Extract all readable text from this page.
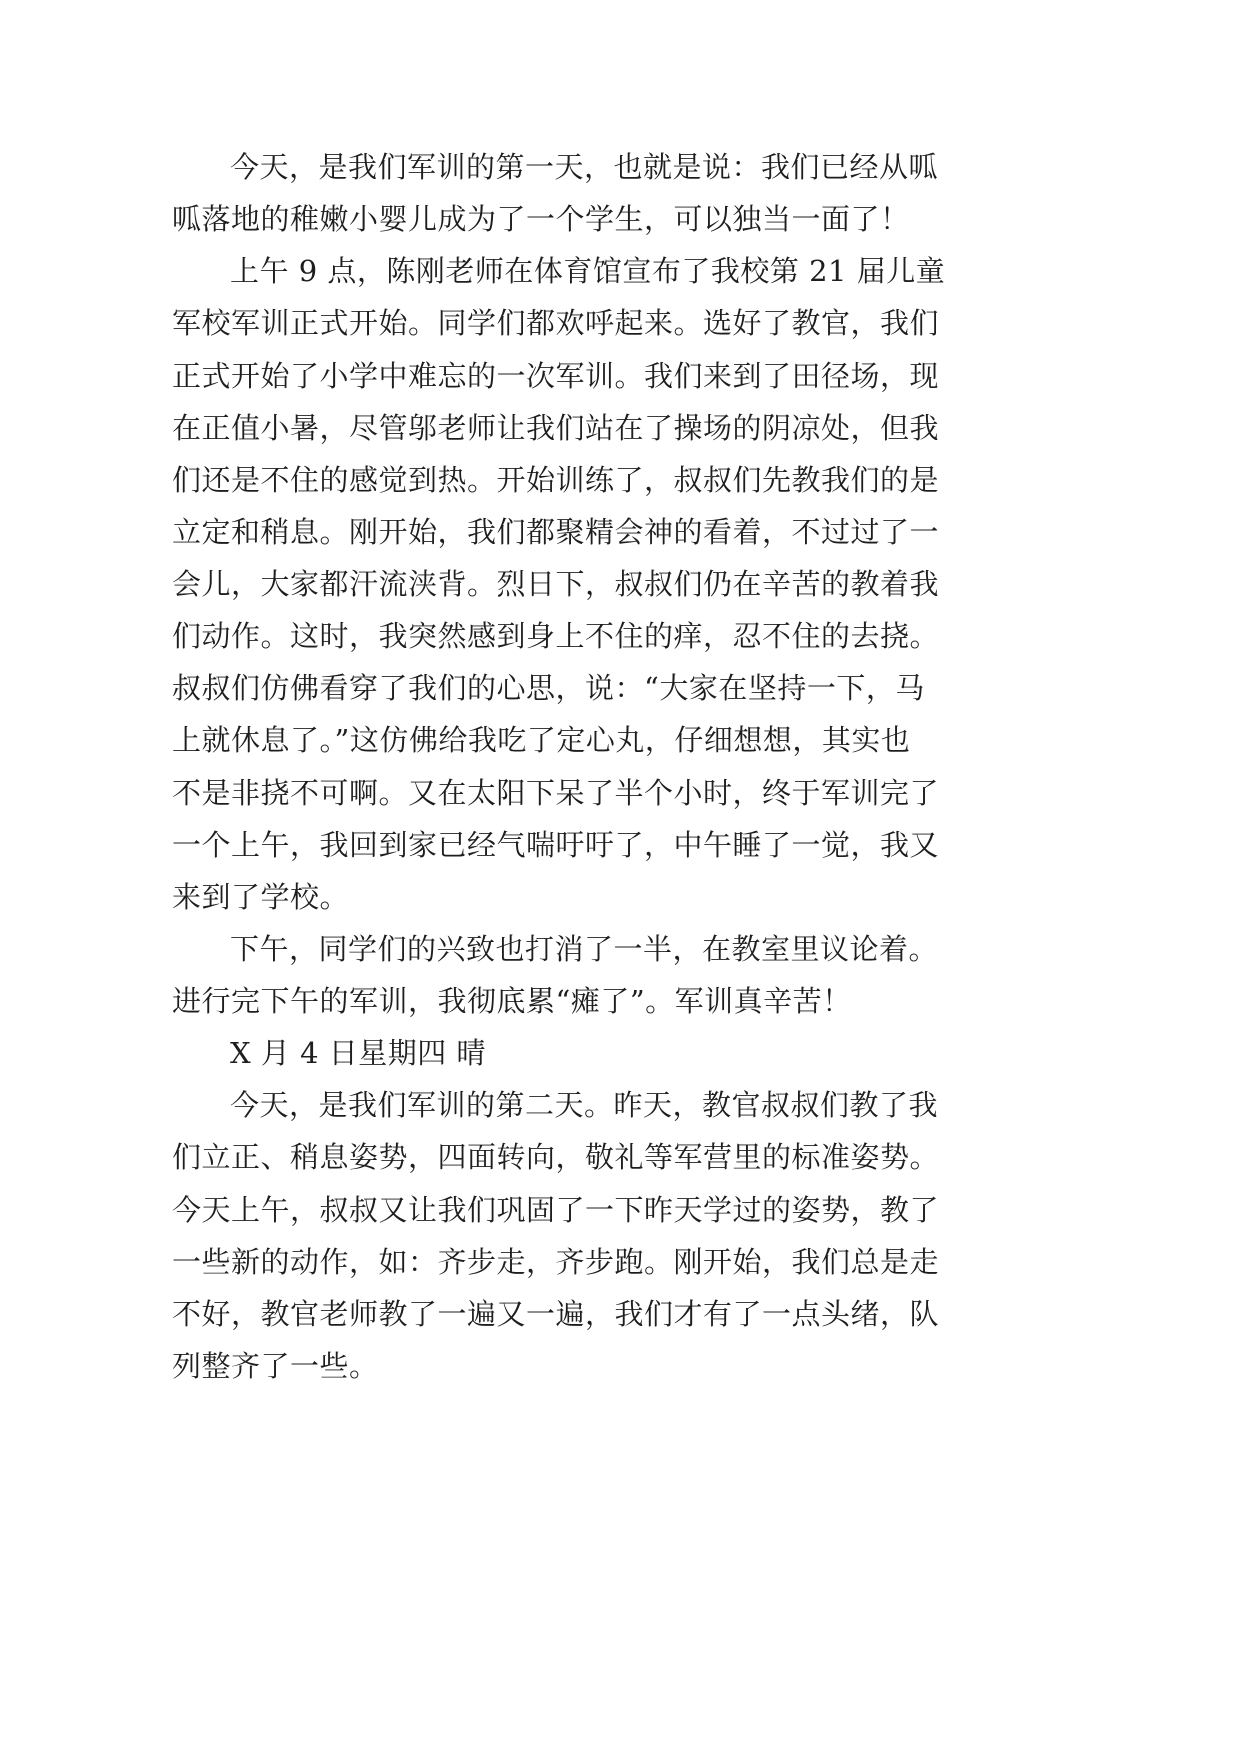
今天，是我们军训的第一天，也就是说：我们已经从呱
呱落地的稚嫩小婴儿成为了一个学生，可以独当一面了！
上午 9 点，陈刚老师在体育馆宣布了我校第 21 届儿童
军校军训正式开始。同学们都欢呼起来。选好了教官，我们
正式开始了小学中难忘的一次军训。我们来到了田径场，现
在正值小暑，尽管邬老师让我们站在了操场的阴凉处，但我
们还是不住的感觉到热。开始训练了，叔叔们先教我们的是
立定和稍息。刚开始，我们都聚精会神的看着，不过过了一
会儿，大家都汗流浃背。烈日下，叔叔们仍在辛苦的教着我
们动作。这时，我突然感到身上不住的痒，忍不住的去挠。
叔叔们仿佛看穿了我们的心思，说：“大家在坚持一下，马
上就休息了。”这仿佛给我吃了定心丸，仔细想想，其实也
不是非挠不可啊。又在太阳下呆了半个小时，终于军训完了
一个上午，我回到家已经气喘吁吁了，中午睡了一觉，我又
来到了学校。
下午，同学们的兴致也打消了一半，在教室里议论着。
进行完下午的军训，我彻底累“瘫了”。军训真辛苦！
X 月 4 日星期四 晴
今天，是我们军训的第二天。昨天，教官叔叔们教了我
们立正、稍息姿势，四面转向，敬礼等军营里的标准姿势。
今天上午，叔叔又让我们巩固了一下昨天学过的姿势，教了
一些新的动作，如：齐步走，齐步跑。刚开始，我们总是走
不好，教官老师教了一遍又一遍，我们才有了一点头绪，队
列整齐了一些。
